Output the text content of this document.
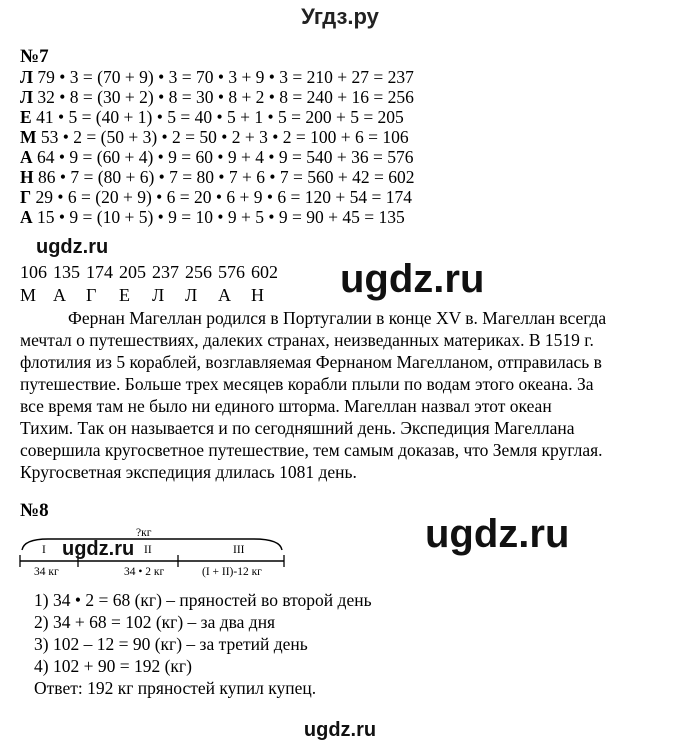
Угдз.ру
№7
Л 79 • 3 = (70 + 9) • 3 = 70 • 3 + 9 • 3 = 210 + 27 = 237
Л 32 • 8 = (30 + 2) • 8 = 30 • 8 + 2 • 8 = 240 + 16 = 256
Е 41 • 5 = (40 + 1) • 5 = 40 • 5 + 1 • 5 = 200 + 5 = 205
М 53 • 2 = (50 + 3) • 2 = 50 • 2 + 3 • 2 = 100 + 6 = 106
А 64 • 9 = (60 + 4) • 9 = 60 • 9 + 4 • 9 = 540 + 36 = 576
Н 86 • 7 = (80 + 6) • 7 = 80 • 7 + 6 • 7 = 560 + 42 = 602
Г 29 • 6 = (20 + 9) • 6 = 20 • 6 + 9 • 6 = 120 + 54 = 174
А 15 • 9 = (10 + 5) • 9 = 10 • 9 + 5 • 9 = 90 + 45 = 135
ugdz.ru
106 135 174 205 237 256 576 602
М А Г Е Л Л А Н	ugdz.ru
Фернан Магеллан родился в Португалии в конце XV в. Магеллан всегда
мечтал о путешествиях, далеких странах, неизведанных материках. В 1519 г.
флотилия из 5 кораблей, возглавляемая Фернаном Магелланом, отправилась в
путешествие. Больше трех месяцев корабли плыли по водам этого океана. За
все время там не было ни единого шторма. Магеллан назвал этот океан
Тихим. Так он называется и по сегодняшний день. Экспедиция Магеллана
совершила кругосветное путешествие, тем самым доказав, что Земля круглая.
Кругосветная экспедиция длилась 1081 день.
№8
ugdz.ru
?кг
I	II	III
34 кг	34 • 2 кг	(I + II)-12 кг
ugdz.ru
1) 34 • 2 = 68 (кг) – пряностей во второй день
2) 34 + 68 = 102 (кг) – за два дня
3) 102 – 12 = 90 (кг) – за третий день
4) 102 + 90 = 192 (кг)
Ответ: 192 кг пряностей купил купец.
ugdz.ru
